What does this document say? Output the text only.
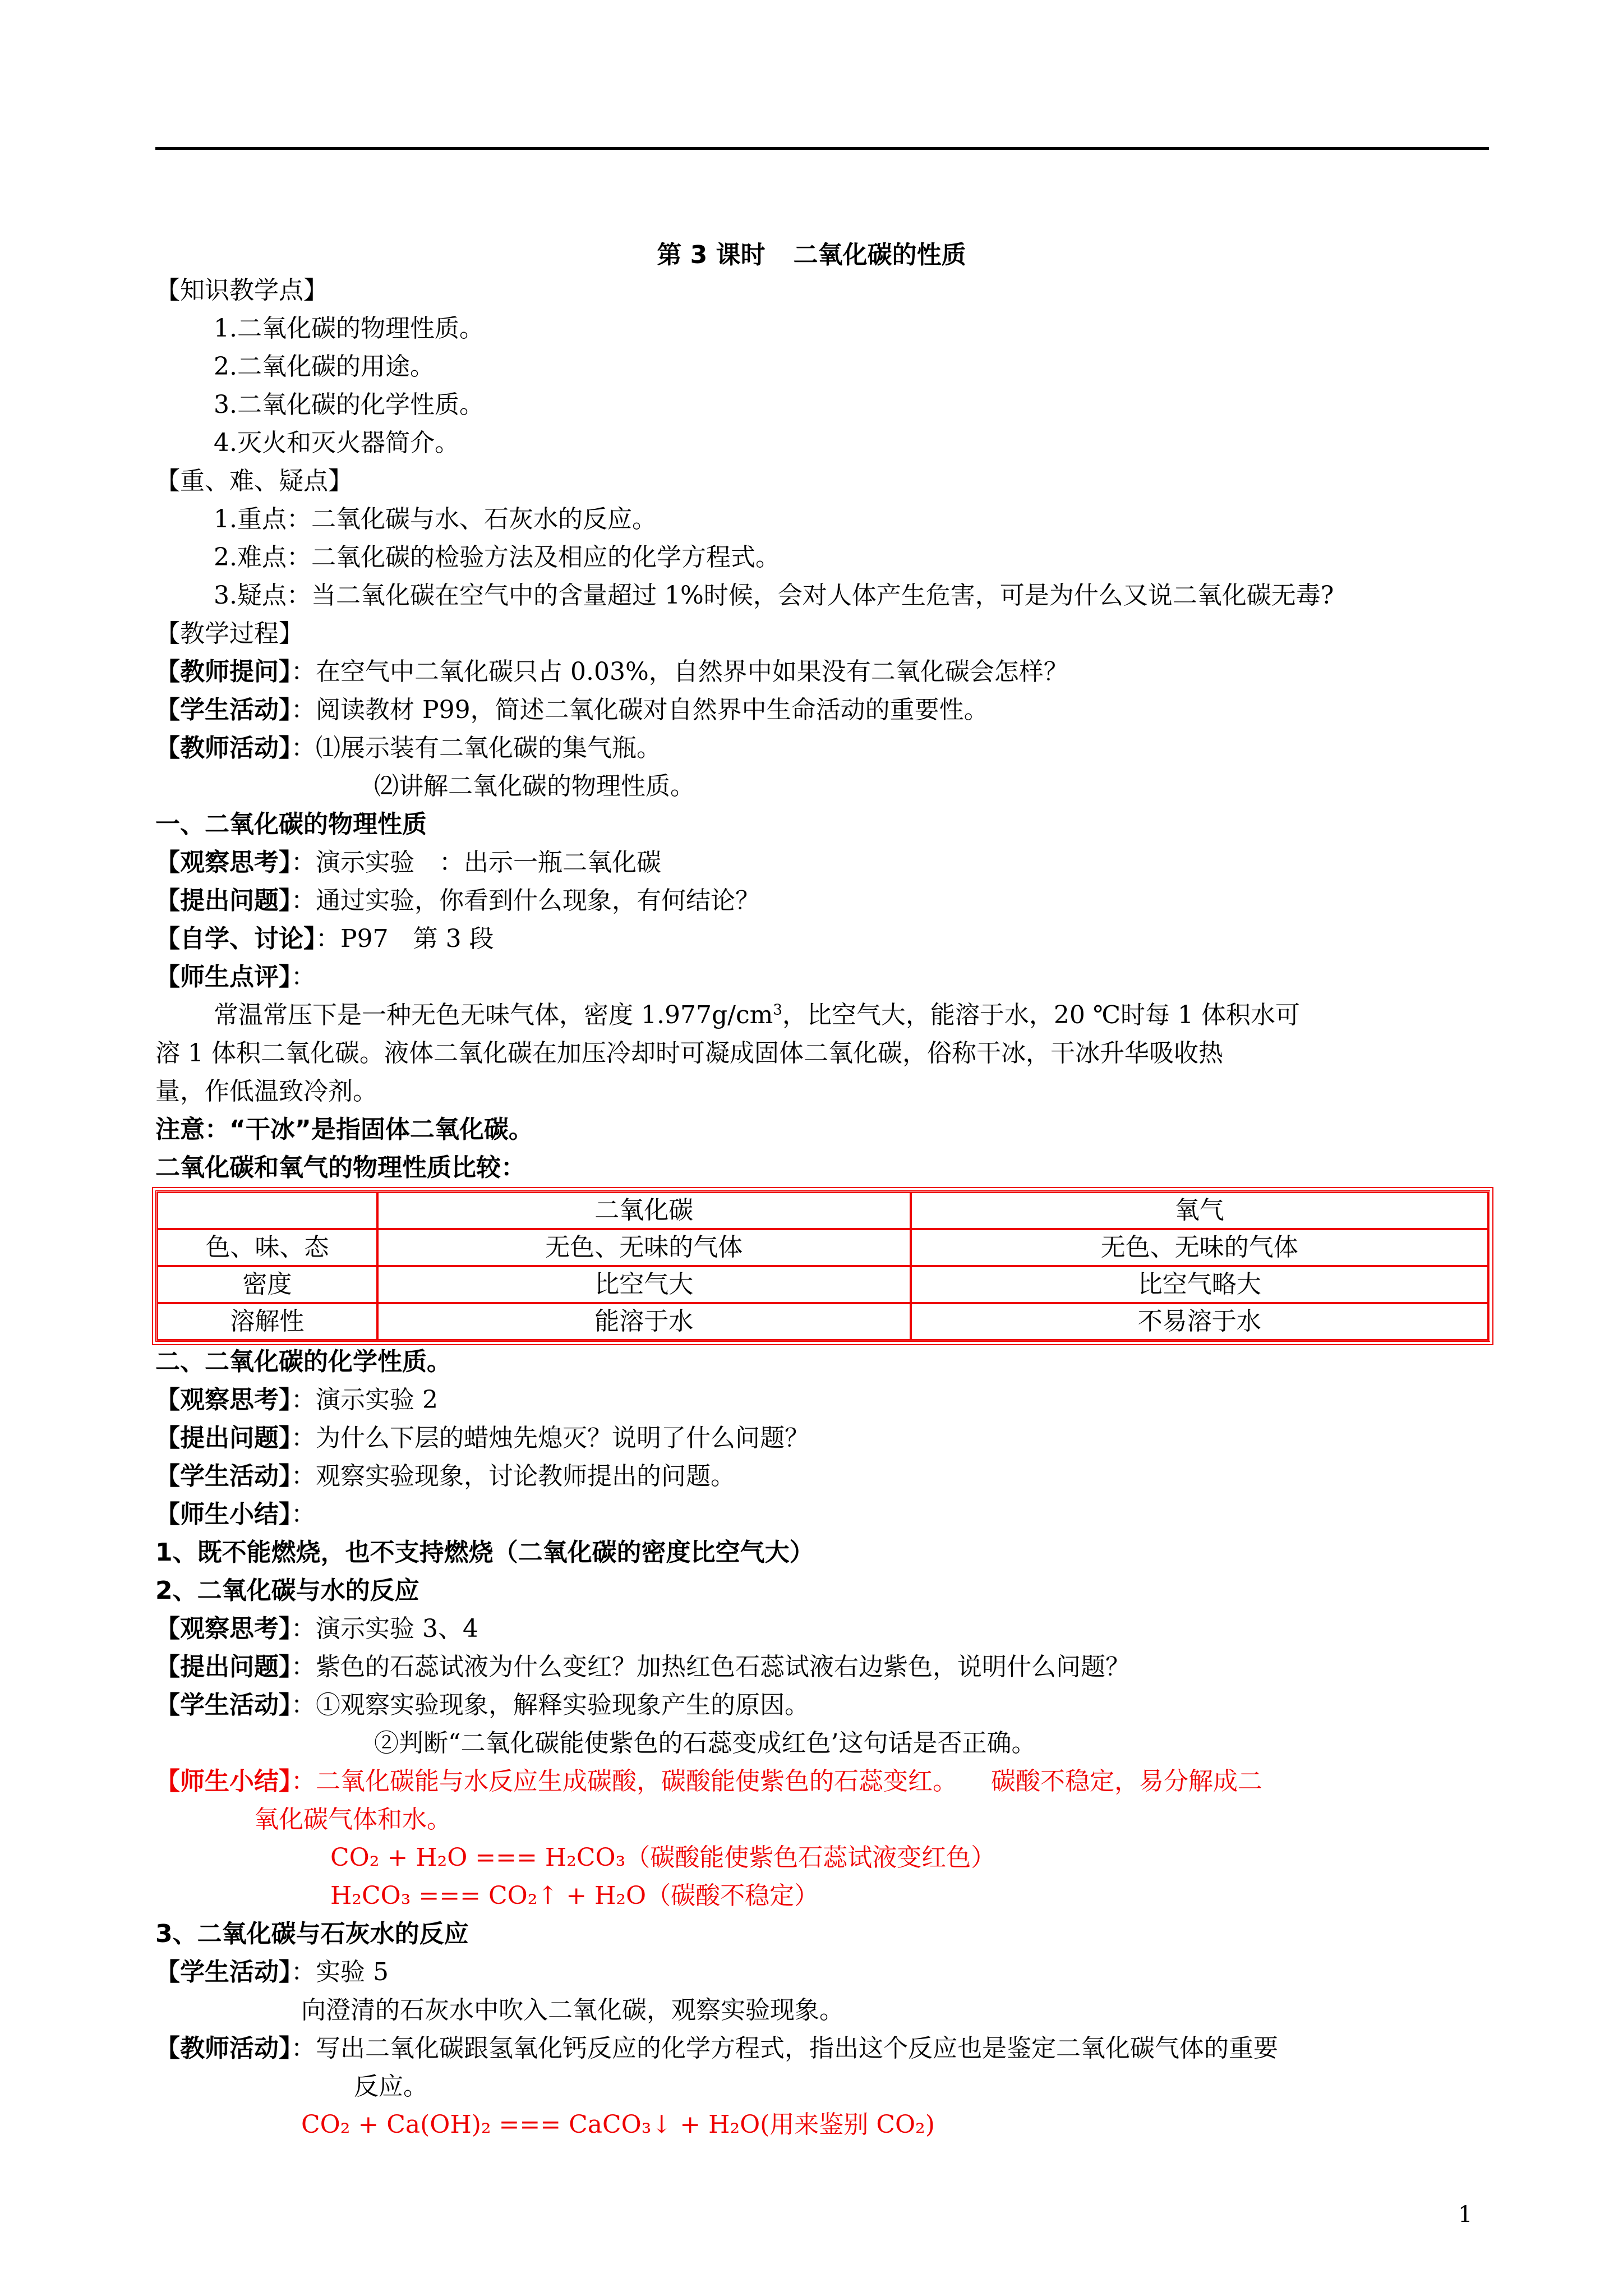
第 3 课时 二氧化碳的性质
【知识教学点】
1.二氧化碳的物理性质。
2.二氧化碳的用途。
3.二氧化碳的化学性质。
4.灭火和灭火器简介。
【重、难、疑点】
1.重点：二氧化碳与水、石灰水的反应。
2.难点：二氧化碳的检验方法及相应的化学方程式。
3.疑点：当二氧化碳在空气中的含量超过 1%时候，会对人体产生危害，可是为什么又说二氧化碳无毒?
【教学过程】
【教师提问】：在空气中二氧化碳只占 0.03%，自然界中如果没有二氧化碳会怎样？
【学生活动】：阅读教材 P99，简述二氧化碳对自然界中生命活动的重要性。
【教师活动】：⑴展示装有二氧化碳的集气瓶。
⑵讲解二氧化碳的物理性质。
一、二氧化碳的物理性质
【观察思考】：演示实验　：出示一瓶二氧化碳
【提出问题】：通过实验，你看到什么现象，有何结论？
【自学、讨论】：P97　第 3 段
【师生点评】：
常温常压下是一种无色无味气体，密度 $1.977g/cm^3$，比空气大，能溶于水，20 ℃时每 1 体积水可
溶 1 体积二氧化碳。液体二氧化碳在加压冷却时可凝成固体二氧化碳，俗称干冰，干冰升华吸收热
量，作低温致冷剂。
注意：“干冰”是指固体二氧化碳。
二氧化碳和氧气的物理性质比较：
	二氧化碳	氧气
色、味、态	无色、无味的气体	无色、无味的气体
密度	比空气大	比空气略大
溶解性	能溶于水	不易溶于水
二、二氧化碳的化学性质。
【观察思考】：演示实验 2
【提出问题】：为什么下层的蜡烛先熄灭？说明了什么问题？
【学生活动】：观察实验现象，讨论教师提出的问题。
【师生小结】：
1、既不能燃烧，也不支持燃烧（二氧化碳的密度比空气大）
2、二氧化碳与水的反应
【观察思考】：演示实验 3、4
【提出问题】：紫色的石蕊试液为什么变红？加热红色石蕊试液右边紫色，说明什么问题？
【学生活动】：①观察实验现象，解释实验现象产生的原因。
②判断“二氧化碳能使紫色的石蕊变成红色’这句话是否正确。
【师生小结】：二氧化碳能与水反应生成碳酸，碳酸能使紫色的石蕊变红。 碳酸不稳定，易分解成二
氧化碳气体和水。
CO₂ + H₂O === H₂CO₃（碳酸能使紫色石蕊试液变红色）
H₂CO₃ === CO₂↑ + H₂O（碳酸不稳定）
3、二氧化碳与石灰水的反应
【学生活动】：实验 5
向澄清的石灰水中吹入二氧化碳，观察实验现象。
【教师活动】：写出二氧化碳跟氢氧化钙反应的化学方程式，指出这个反应也是鉴定二氧化碳气体的重要
反应。
CO₂ + Ca(OH)₂ === CaCO₃↓ + H₂O(用来鉴别 CO₂)
1
